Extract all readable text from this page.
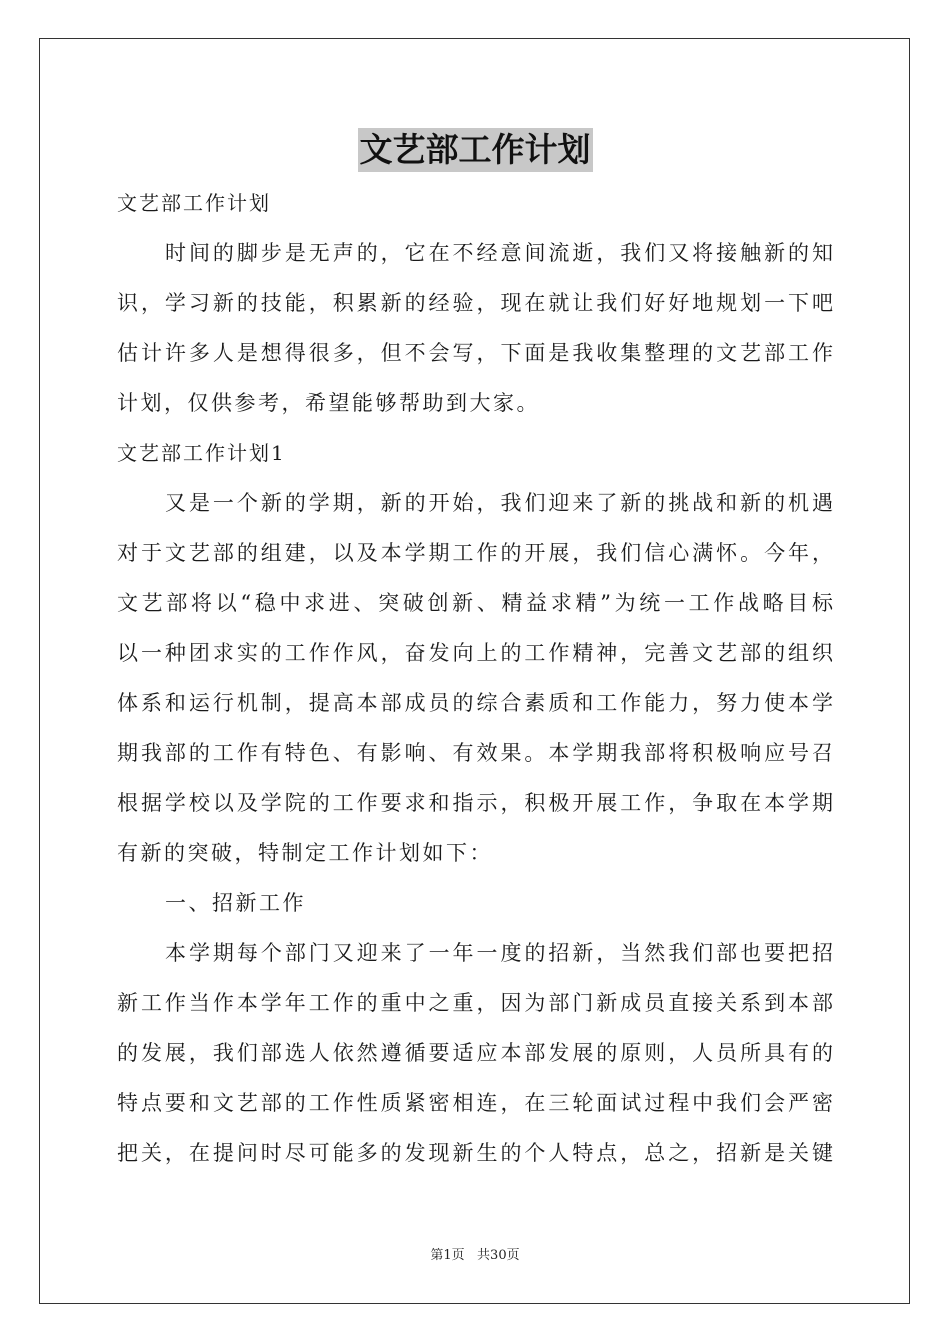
文艺部工作计划
文艺部工作计划
时间的脚步是无声的，它在不经意间流逝，我们又将接触新的知
识，学习新的技能，积累新的经验，现在就让我们好好地规划一下吧
估计许多人是想得很多，但不会写，下面是我收集整理的文艺部工作
计划，仅供参考，希望能够帮助到大家。
文艺部工作计划1
又是一个新的学期，新的开始，我们迎来了新的挑战和新的机遇
对于文艺部的组建，以及本学期工作的开展，我们信心满怀。今年，
文艺部将以“稳中求进、突破创新、精益求精”为统一工作战略目标
以一种团求实的工作作风，奋发向上的工作精神，完善文艺部的组织
体系和运行机制，提高本部成员的综合素质和工作能力，努力使本学
期我部的工作有特色、有影响、有效果。本学期我部将积极响应号召
根据学校以及学院的工作要求和指示，积极开展工作，争取在本学期
有新的突破，特制定工作计划如下：
一、招新工作
本学期每个部门又迎来了一年一度的招新，当然我们部也要把招
新工作当作本学年工作的重中之重，因为部门新成员直接关系到本部
的发展，我们部选人依然遵循要适应本部发展的原则，人员所具有的
特点要和文艺部的工作性质紧密相连，在三轮面试过程中我们会严密
把关，在提问时尽可能多的发现新生的个人特点，总之，招新是关键
第1页   共30页
